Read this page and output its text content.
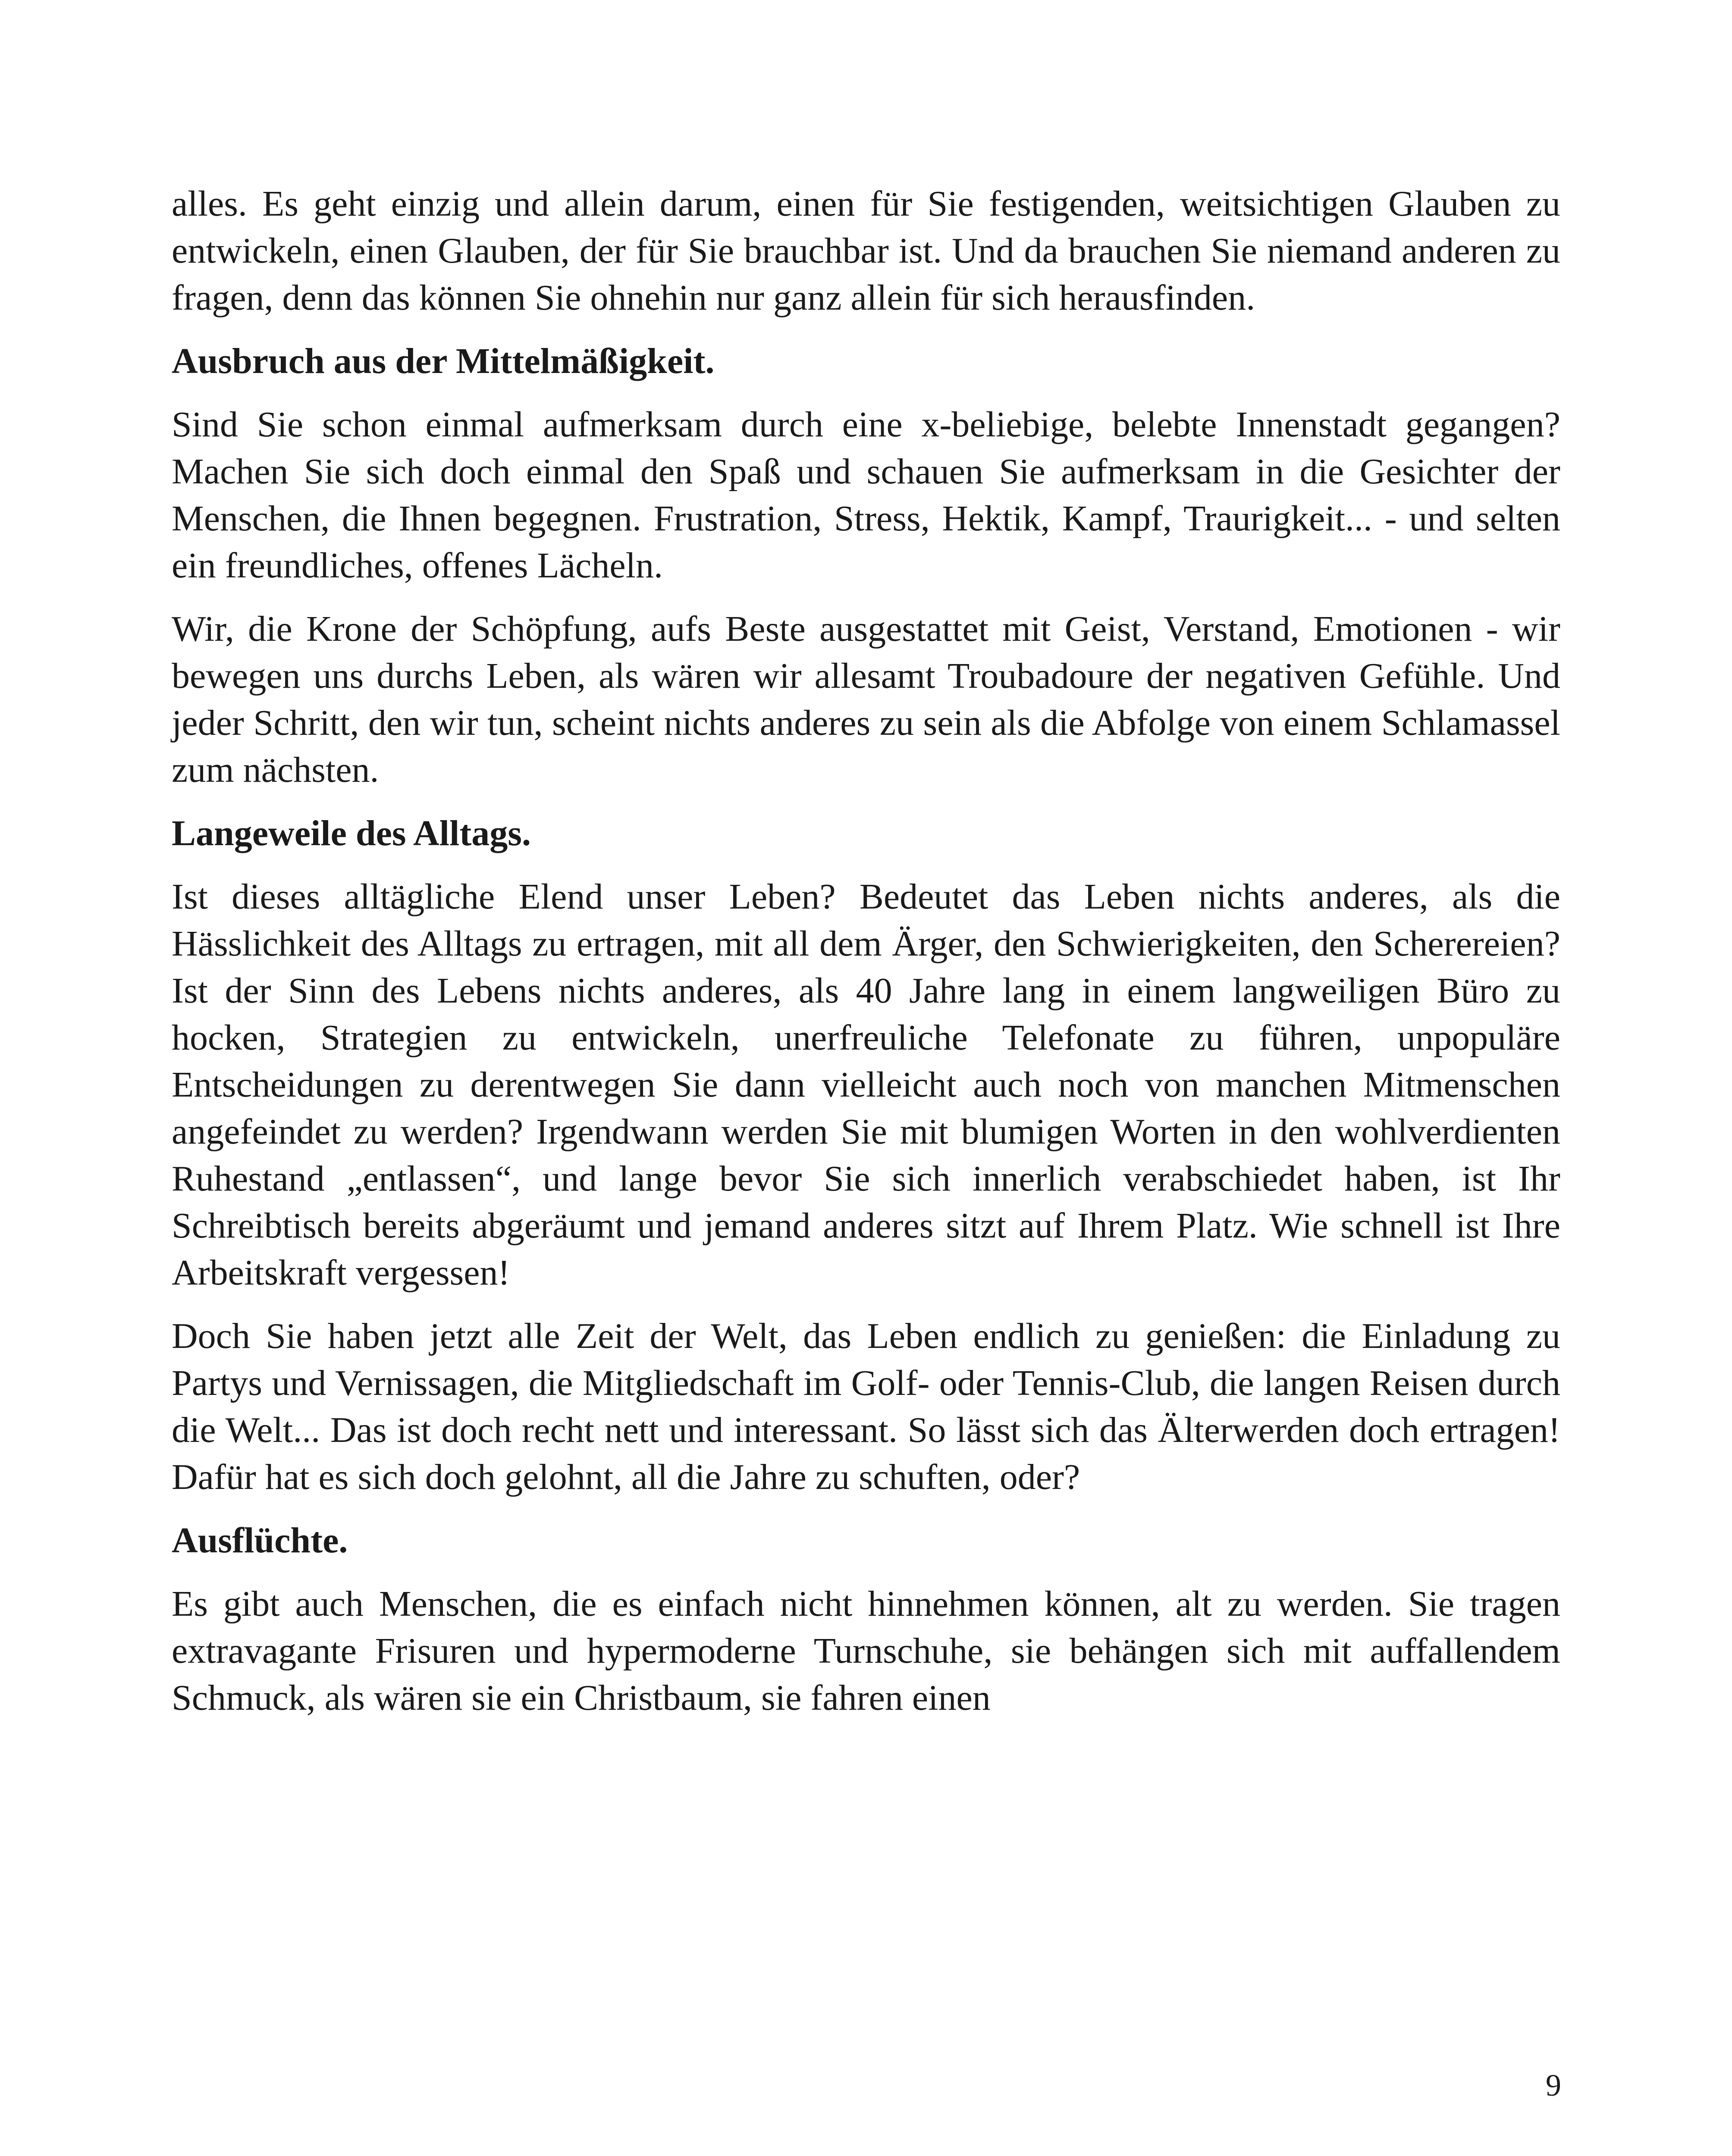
alles. Es geht einzig und allein darum, einen für Sie festigenden, weitsichtigen Glauben zu entwickeln, einen Glauben, der für Sie brauchbar ist. Und da brauchen Sie niemand anderen zu fragen, denn das können Sie ohnehin nur ganz allein für sich herausfinden.

Ausbruch aus der Mittelmäßigkeit.

Sind Sie schon einmal aufmerksam durch eine x-beliebige, belebte Innenstadt gegangen? Machen Sie sich doch einmal den Spaß und schauen Sie aufmerksam in die Gesichter der Menschen, die Ihnen begegnen. Frustration, Stress, Hektik, Kampf, Traurigkeit... - und selten ein freundliches, offenes Lächeln.

Wir, die Krone der Schöpfung, aufs Beste ausgestattet mit Geist, Verstand, Emotionen - wir bewegen uns durchs Leben, als wären wir allesamt Troubadoure der negativen Gefühle. Und jeder Schritt, den wir tun, scheint nichts anderes zu sein als die Abfolge von einem Schlamassel zum nächsten.

Langeweile des Alltags.

Ist dieses alltägliche Elend unser Leben? Bedeutet das Leben nichts anderes, als die Hässlichkeit des Alltags zu ertragen, mit all dem Ärger, den Schwierigkeiten, den Scherereien? Ist der Sinn des Lebens nichts anderes, als 40 Jahre lang in einem langweiligen Büro zu hocken, Strategien zu entwickeln, unerfreuliche Telefonate zu führen, unpopuläre Entscheidungen zu derentwegen Sie dann vielleicht auch noch von manchen Mitmenschen angefeindet zu werden? Irgendwann werden Sie mit blumigen Worten in den wohlverdienten Ruhestand „entlassen“, und lange bevor Sie sich innerlich verabschiedet haben, ist Ihr Schreibtisch bereits abgeräumt und jemand anderes sitzt auf Ihrem Platz. Wie schnell ist Ihre Arbeitskraft vergessen!

Doch Sie haben jetzt alle Zeit der Welt, das Leben endlich zu genießen: die Einladung zu Partys und Vernissagen, die Mitgliedschaft im Golf- oder Tennis-Club, die langen Reisen durch die Welt... Das ist doch recht nett und interessant. So lässt sich das Älterwerden doch ertragen! Dafür hat es sich doch gelohnt, all die Jahre zu schuften, oder?

Ausflüchte.

Es gibt auch Menschen, die es einfach nicht hinnehmen können, alt zu werden. Sie tragen extravagante Frisuren und hypermoderne Turnschuhe, sie behängen sich mit auffallendem Schmuck, als wären sie ein Christbaum, sie fahren einen

9
